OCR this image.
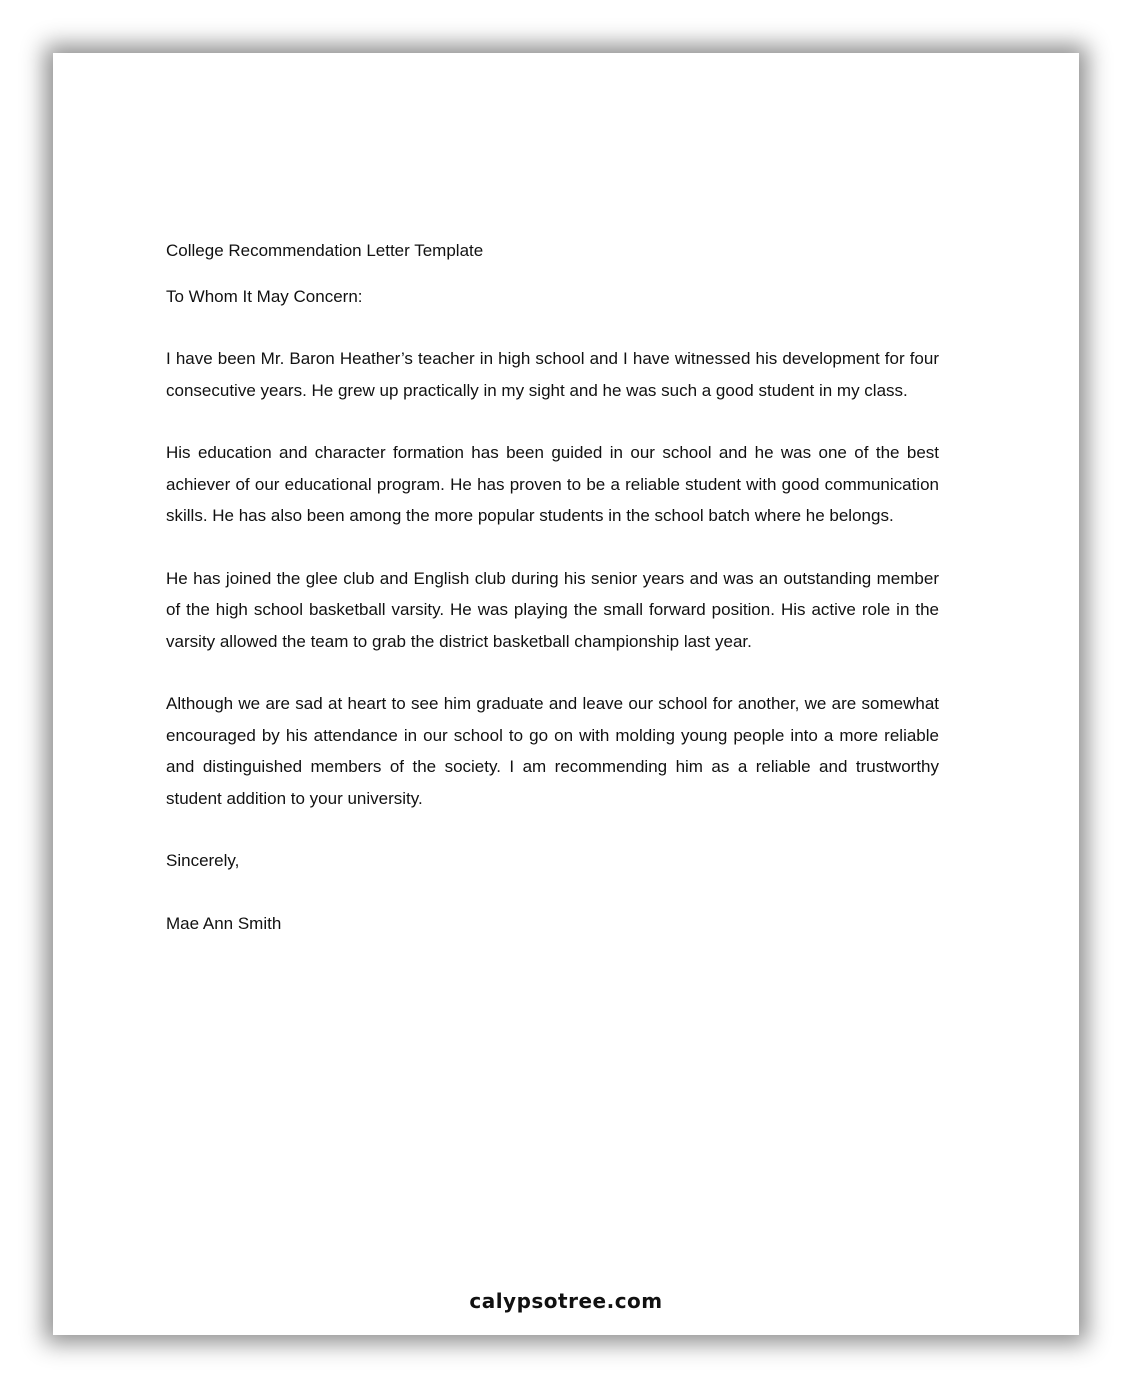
College Recommendation Letter Template
To Whom It May Concern:

I have been Mr. Baron Heather’s teacher in high school and I have witnessed his development for four consecutive years. He grew up practically in my sight and he was such a good student in my class.

His education and character formation has been guided in our school and he was one of the best achiever of our educational program. He has proven to be a reliable student with good communication skills. He has also been among the more popular students in the school batch where he belongs.

He has joined the glee club and English club during his senior years and was an outstanding member of the high school basketball varsity. He was playing the small forward position. His active role in the varsity allowed the team to grab the district basketball championship last year.

Although we are sad at heart to see him graduate and leave our school for another, we are somewhat encouraged by his attendance in our school to go on with molding young people into a more reliable and distinguished members of the society. I am recommending him as a reliable and trustworthy student addition to your university.

Sincerely,
Mae Ann Smith
calypsotree.com
